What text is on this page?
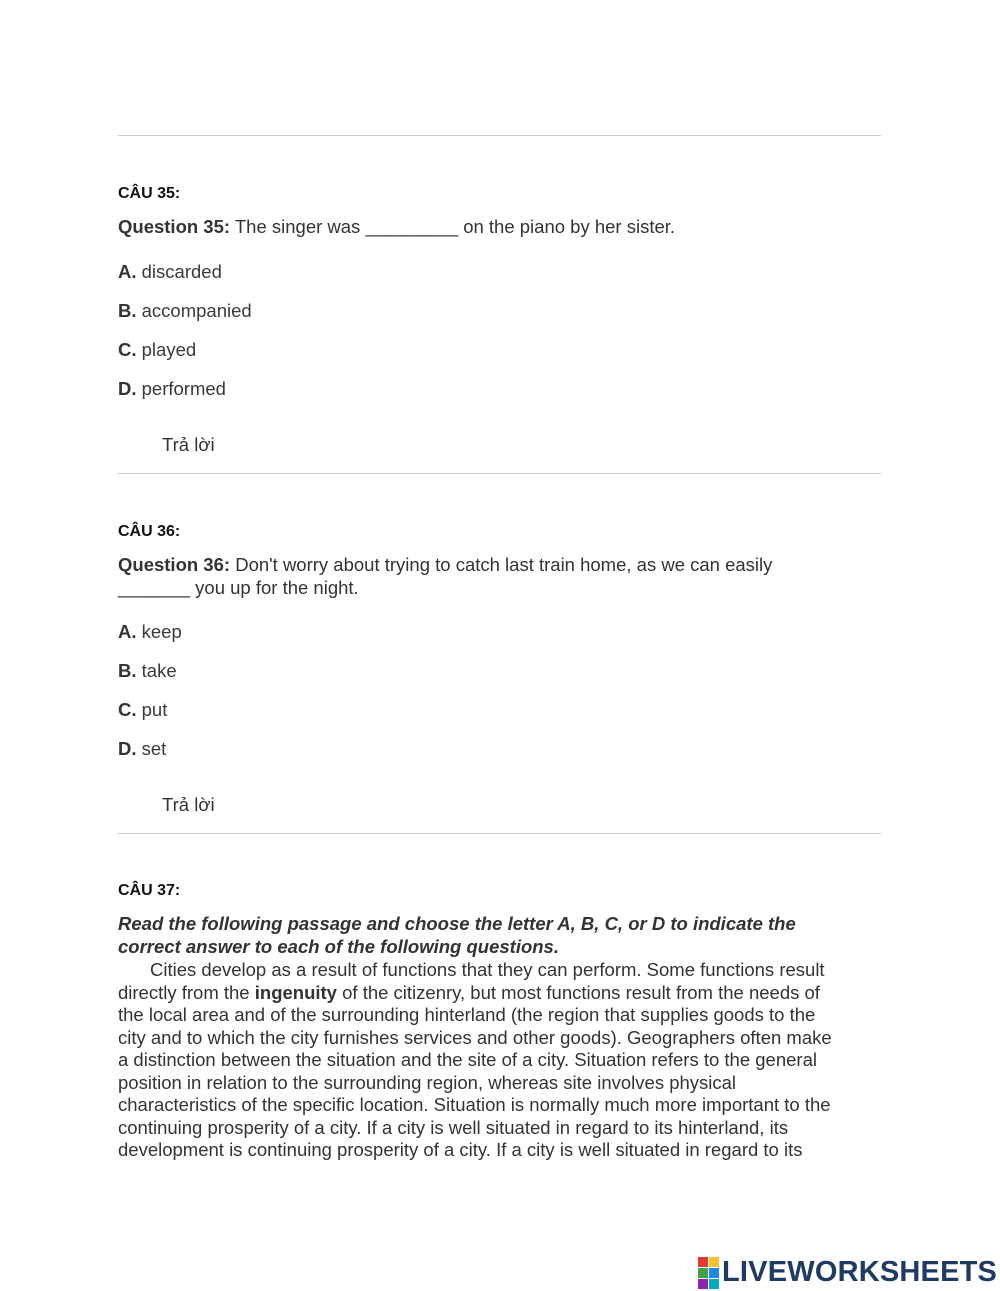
CÂU 35:
Question 35: The singer was _________ on the piano by her sister.
A. discarded
B. accompanied
C. played
D. performed
Trả lời
CÂU 36:
Question 36: Don't worry about trying to catch last train home, as we can easily
_______ you up for the night.
A. keep
B. take
C. put
D. set
Trả lời
CÂU 37:
Read the following passage and choose the letter A, B, C, or D to indicate the
correct answer to each of the following questions.
Cities develop as a result of functions that they can perform. Some functions result
directly from the ingenuity of the citizenry, but most functions result from the needs of
the local area and of the surrounding hinterland (the region that supplies goods to the
city and to which the city furnishes services and other goods). Geographers often make
a distinction between the situation and the site of a city. Situation refers to the general
position in relation to the surrounding region, whereas site involves physical
characteristics of the specific location. Situation is normally much more important to the
continuing prosperity of a city. If a city is well situated in regard to its hinterland, its
development is continuing prosperity of a city. If a city is well situated in regard to its
LIVEWORKSHEETS
